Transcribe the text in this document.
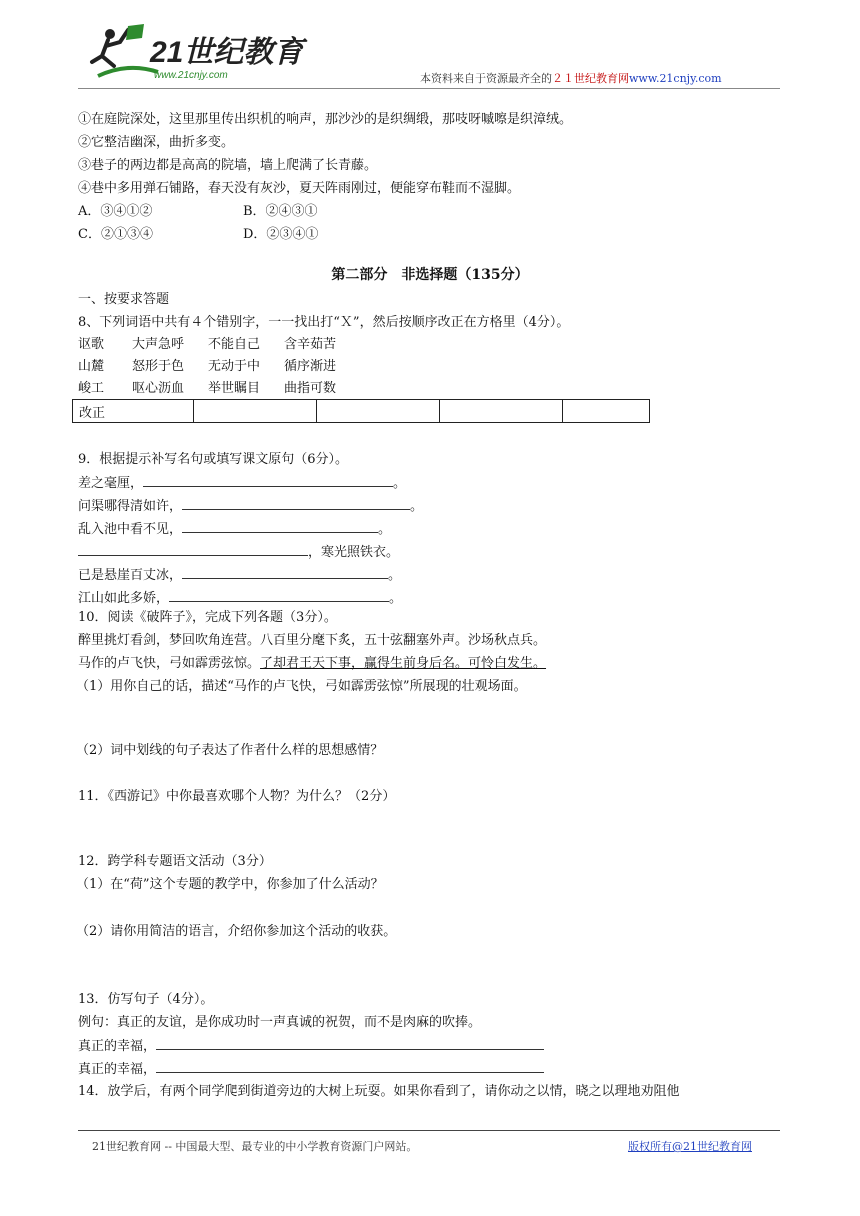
21世纪教育
www.21cnjy.com	本资料来自于资源最齐全的２１世纪教育网www.21cnjy.com
①在庭院深处，这里那里传出织机的响声，那沙沙的是织绸缎，那吱呀嘁嚓是织漳绒。
②它整洁幽深，曲折多变。
③巷子的两边都是高高的院墙，墙上爬满了长青藤。
④巷中多用弹石铺路，春天没有灰沙，夏天阵雨刚过，便能穿布鞋而不湿脚。
A．③④①②	B．②④③①
C．②①③④	D．②③④①
第二部分　非选择题（135分）
一、按要求答题
8、下列词语中共有４个错别字，一一找出打“Ｘ”，然后按顺序改正在方格里（4分）。
讴歌 大声急呼 不能自己 含辛茹苦
山麓 怒形于色 无动于中 循序渐进
峻工 呕心沥血 举世瞩目 曲指可数
改正				
9．根据提示补写名句或填写课文原句（6分）。
差之毫厘，	。
问渠哪得清如许，	。
乱入池中看不见，	。
，寒光照铁衣。
已是悬崖百丈冰，	。
江山如此多娇，	。
10．阅读《破阵子》，完成下列各题（3分）。
醉里挑灯看剑，梦回吹角连营。八百里分麾下炙，五十弦翻塞外声。沙场秋点兵。
马作的卢飞快，弓如霹雳弦惊。了却君王天下事，赢得生前身后名。可怜白发生。
（1）用你自己的话，描述“马作的卢飞快，弓如霹雳弦惊”所展现的壮观场面。
（2）词中划线的句子表达了作者什么样的思想感情？
11．《西游记》中你最喜欢哪个人物？为什么？（2分）
12．跨学科专题语文活动（3分）
（1）在“荷”这个专题的教学中，你参加了什么活动？
（2）请你用简洁的语言，介绍你参加这个活动的收获。
13．仿写句子（4分）。
例句：真正的友谊，是你成功时一声真诚的祝贺，而不是肉麻的吹捧。
真正的幸福，
真正的幸福，
14．放学后，有两个同学爬到街道旁边的大树上玩耍。如果你看到了，请你动之以情，晓之以理地劝阻他
21世纪教育网 -- 中国最大型、最专业的中小学教育资源门户网站。	版权所有@21世纪教育网
